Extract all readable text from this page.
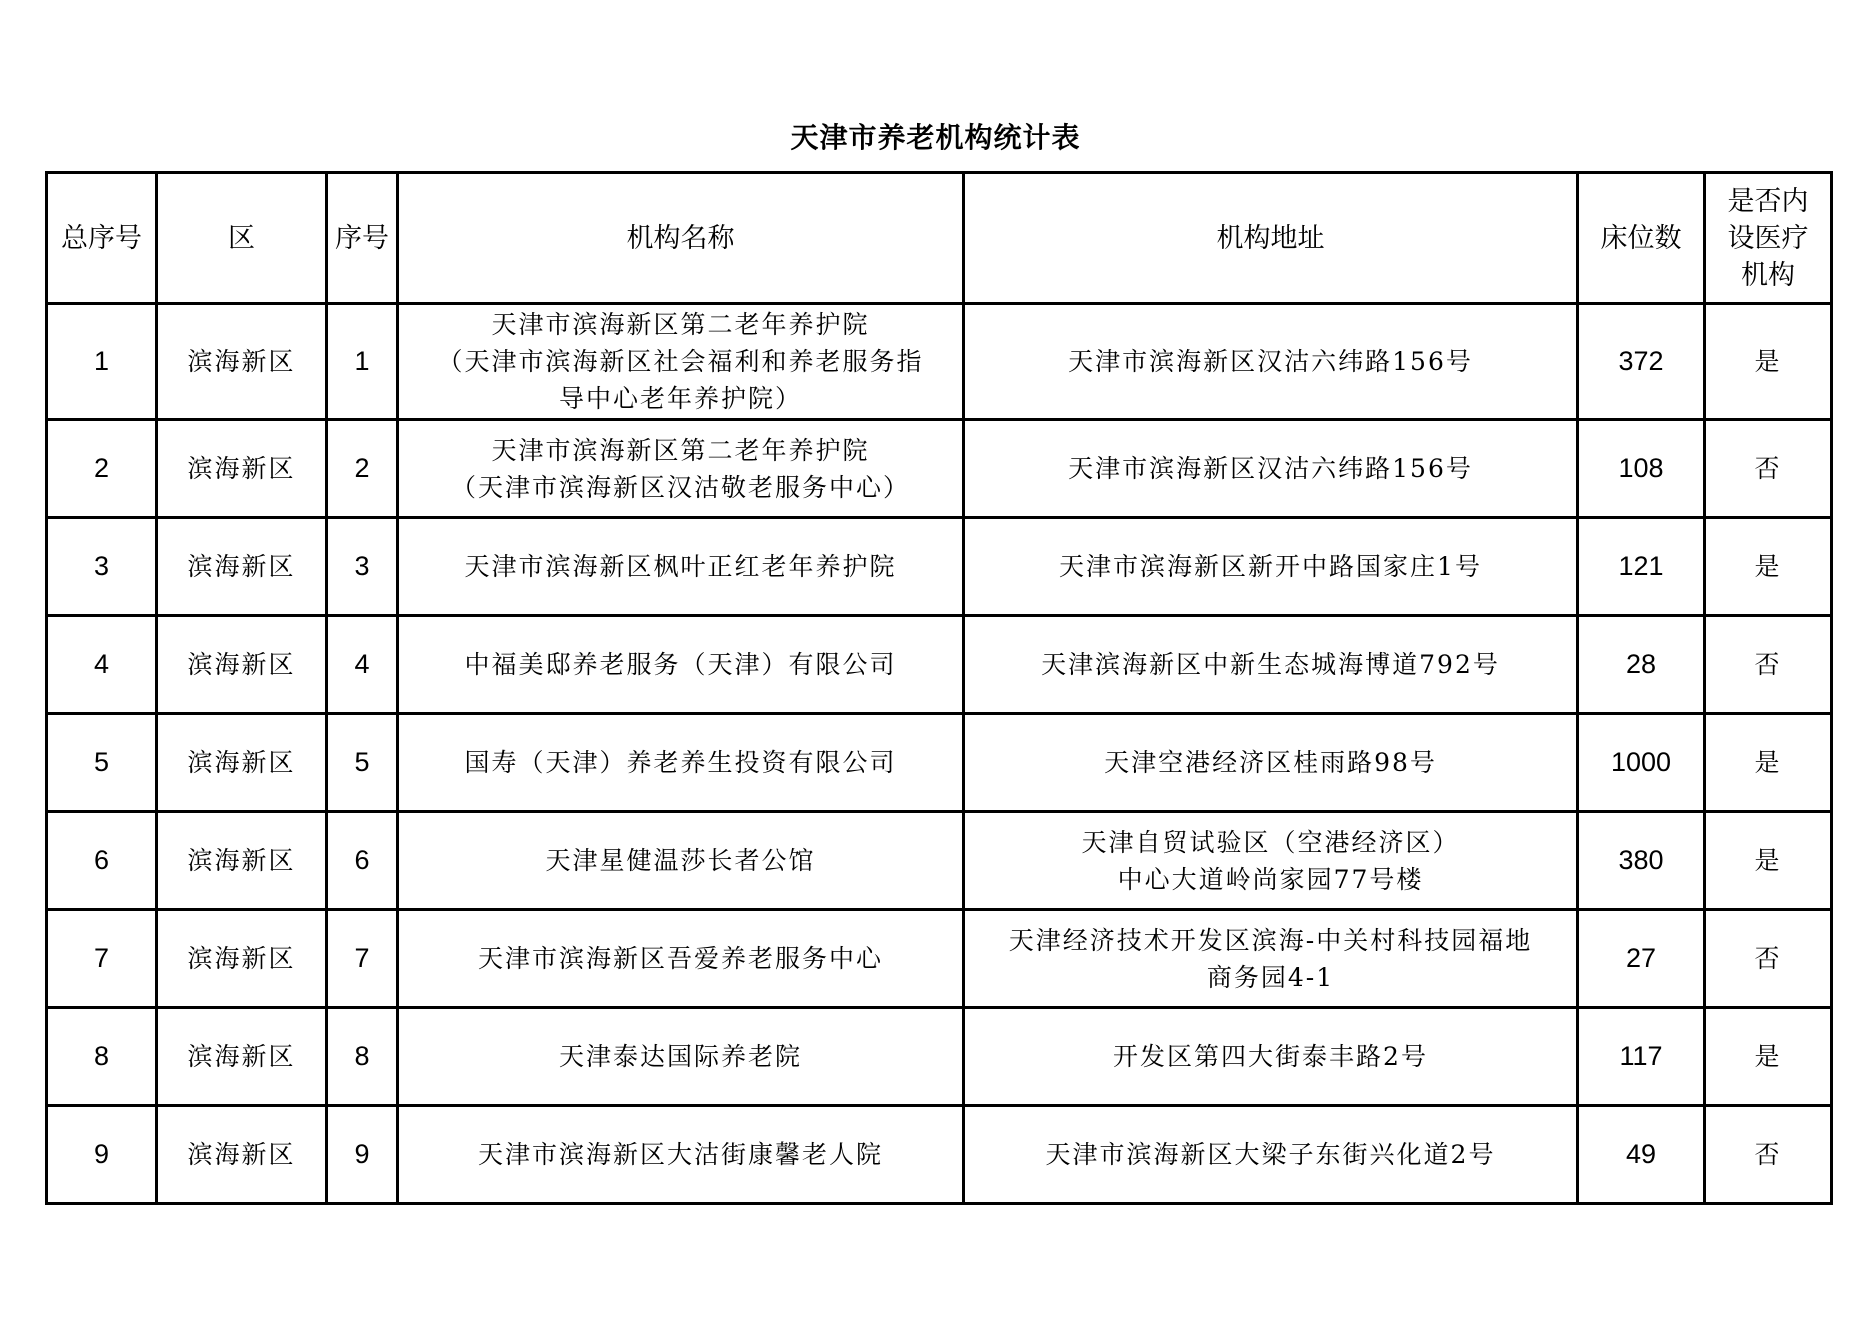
天津市养老机构统计表
总序号	区	序号	机构名称	机构地址	床位数	是否内
设医疗
机构

1	滨海新区	1	天津市滨海新区第二老年养护院
（天津市滨海新区社会福利和养老服务指
导中心老年养护院）	天津市滨海新区汉沽六纬路156号	372	是
2	滨海新区	2	天津市滨海新区第二老年养护院
（天津市滨海新区汉沽敬老服务中心）	天津市滨海新区汉沽六纬路156号	108	否
3	滨海新区	3	天津市滨海新区枫叶正红老年养护院	天津市滨海新区新开中路国家庄1号	121	是
4	滨海新区	4	中福美邸养老服务（天津）有限公司	天津滨海新区中新生态城海博道792号	28	否
5	滨海新区	5	国寿（天津）养老养生投资有限公司	天津空港经济区桂雨路98号	1000	是
6	滨海新区	6	天津星健温莎长者公馆	天津自贸试验区（空港经济区）
中心大道岭尚家园77号楼	380	是
7	滨海新区	7	天津市滨海新区吾爱养老服务中心	天津经济技术开发区滨海-中关村科技园福地
商务园4-1	27	否
8	滨海新区	8	天津泰达国际养老院	开发区第四大街泰丰路2号	117	是
9	滨海新区	9	天津市滨海新区大沽街康馨老人院	天津市滨海新区大梁子东街兴化道2号	49	否
